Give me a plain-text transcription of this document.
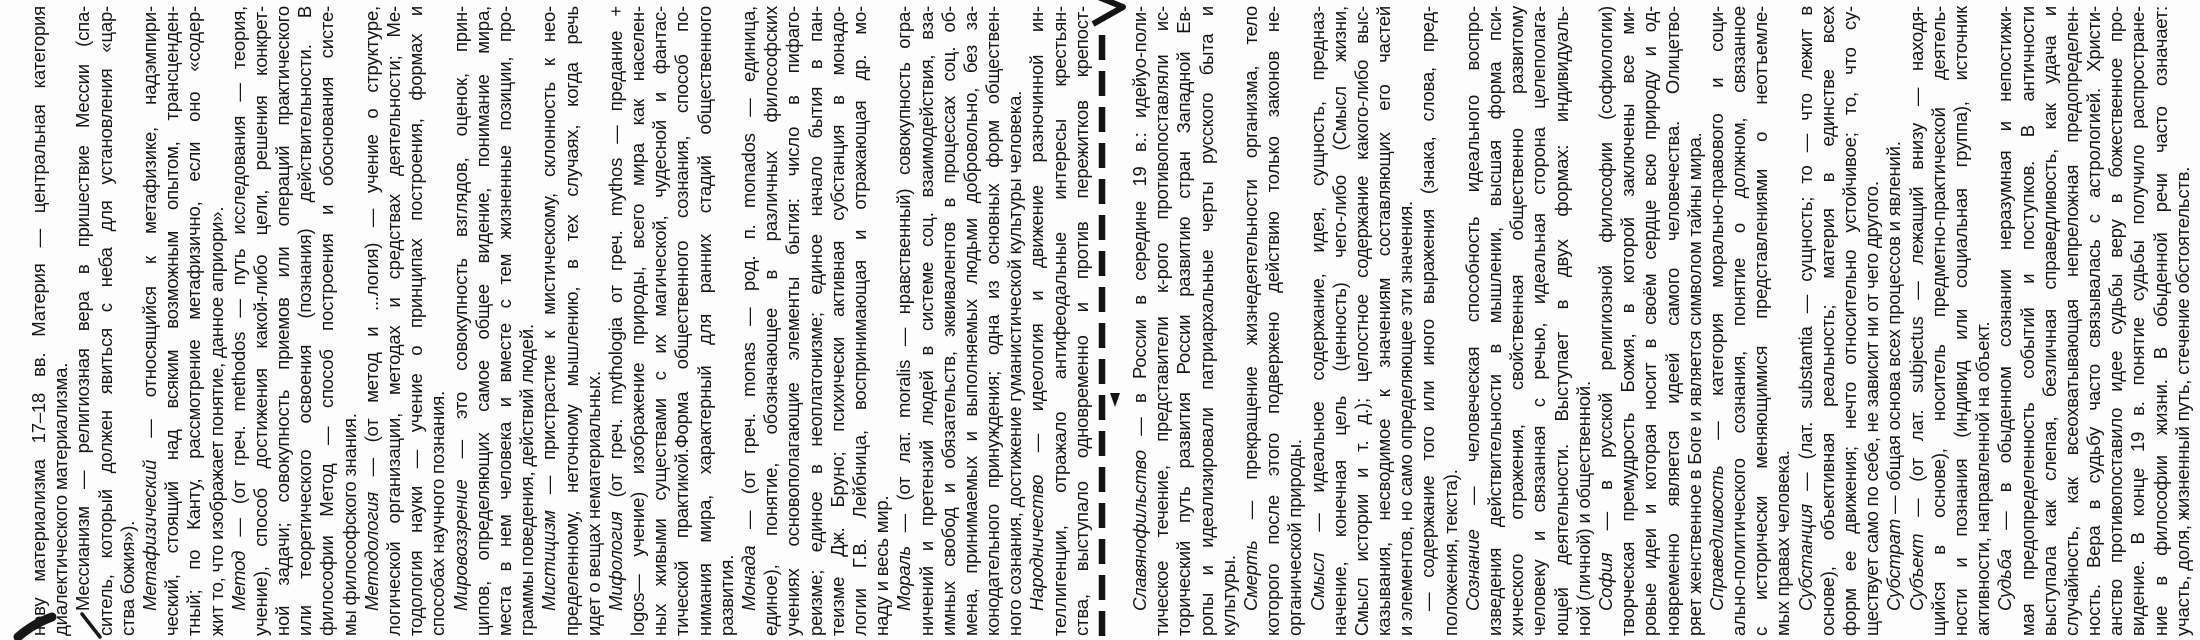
нову материализма 17–18 вв. Материя — центральная категория диалектического материализма. Мессианизм — религиозная вера в пришествие Мессии (спа- ситель, который должен явиться с неба для установления «цар- ства божия»). Метафизический — относящийся к метафизике, надэмпири- ческий, стоящий над всяким возможным опытом, трансценден- тный; по Канту, рассмотрение метафизично, если оно «содер- жит то, что изображает понятие, данное априори». Метод — (от греч. methodos — путь исследования — теория, учение), способ достижения какой-либо цели, решения конкрет- ной задачи; совокупность приемов или операций практического или теоретического освоения (познания) действительности. В философии Метод — способ построения и обоснования систе- мы философского знания. Методология — (от метод и ...логия) — учение о структуре, логической организации, методах и средствах деятельности; Ме- тодология науки — учение о принципах построения, формах и способах научного познания. Мировоззрение — это совокупность взглядов, оценок, прин- ципов, определяющих самое общее видение, понимание мира, места в нем человека и вместе с тем жизненные позиции, про- граммы поведения, действий людей. Мистицизм — пристрастие к мистическому, склонность к нео- пределенному, неточному мышлению, в тех случаях, когда речь идет о вещах нематериальных. Мифология (от греч. mythologia от греч. mythos — предание + logos— учение) изображение природы, всего мира как населен- ных живыми существами с их магической, чудесной и фантас- тической практикой.Форма общественного сознания, способ по- нимания мира, характерный для ранних стадий общественного развития. Монада — (от греч. monas — род. п. monados — единица, единое), понятие, обозначающее в различных философских учениях основополагающие элементы бытия: число в пифаго- реизме; единое в неоплатонизме; единое начало бытия в пан- теизме Дж. Бруно; психически активная субстанция в монадо- логии Г.В. Лейбница, воспринимающая и отражающая др. мо- наду и весь мир. Мораль — (от лат. moralis — нравственный) совокупность огра- ничений и претензий людей в системе соц. взаимодействия, вза- имных свобод и обязательств, эквивалентов в процессах соц. об- мена, принимаемых и выполняемых людьми добровольно, без за- конодательного принуждения; одна из основных форм обществен- ного сознания, достижение гуманистической культуры человека. Народничество — идеология и движение разночинной ин- теллигенции, отражало антифеодальные интересы крестьян- ства, выступало одновременно и против пережитков крепост- Славянофильство — в России в середине 19 в.: идейуо-поли- тическое течение, представители к-рого противопоставляли ис- торический путь развития России развитию стран Западной Ев- ропы и идеализировали патриархальные черты русского быта и культуры. Смерть — прекращение жизнедеятельности организма, тело которого после этого подвержено действию только законов не- органической природы. Смысл — идеальное содержание, идея, сущность, предназ- начение, конечная цель (ценность) чего-либо (Смысл жизни, Смысл истории и т. д.); целостное содержание какого-либо выс- казывания, несводимое к значениям составляющих его частей и элементов, но само определяющее эти значения. — содержание того или иного выражения (знака, слова, пред- положения, текста). Сознание — человеческая способность идеального воспро- изведения действительности в мышлении, высшая форма пси- хического отражения, свойственная общественно развитому человеку и связанная с речью, идеальная сторона целеполага- ющей деятельности. Выступает в двух формах: индивидуаль- ной (личной) и общественной. София — в русской религиозной философии (софиологии) творческая премудрость Божия, в которой заключены все ми- ровые идеи и которая носит в своём сердце всю природу и од- новременно является идеей самого человечества. Олицетво- ряет женственное в Боге и является символом тайны мира. Справедливость — категория морально-правового и соци- ально-политического сознания, понятие о должном, связанное с исторически меняющимися представлениями о неотъемле- мых правах человека. Субстанция — (лат. substantia — сущность; то — что лежит в основе), объективная реальность; материя в единстве всех форм ее движения; нечто относительно устойчивое; то, что су- ществует само по себе, не зависит ни от чего другого. Субстрат — общая основа всех процессов и явлений.
Субъект — (от лат. subjectus — лежащий внизу — находя- щийся в основе), носитель предметно-практической деятель- ности и познания (индивид или социальная группа), источник активности, направленной на объект. Судьба — в обыденном сознании неразумная и непостижи- мая предопределенность событий и поступков. В античности выступала как слепая, безличная справедливость, как удача и случайность, как всеохватывающая непреложная предопределен- ность. Вера в судьбу часто связывалась с астрологией. Христи- анство противопоставило идее судьбы веру в божественное про- видение. В конце 19 в. понятие судьбы получило распростране- ние в философии жизни. В обыденной речи часто означает: участь, доля, жизненный путь, стечение обстоятельств.
